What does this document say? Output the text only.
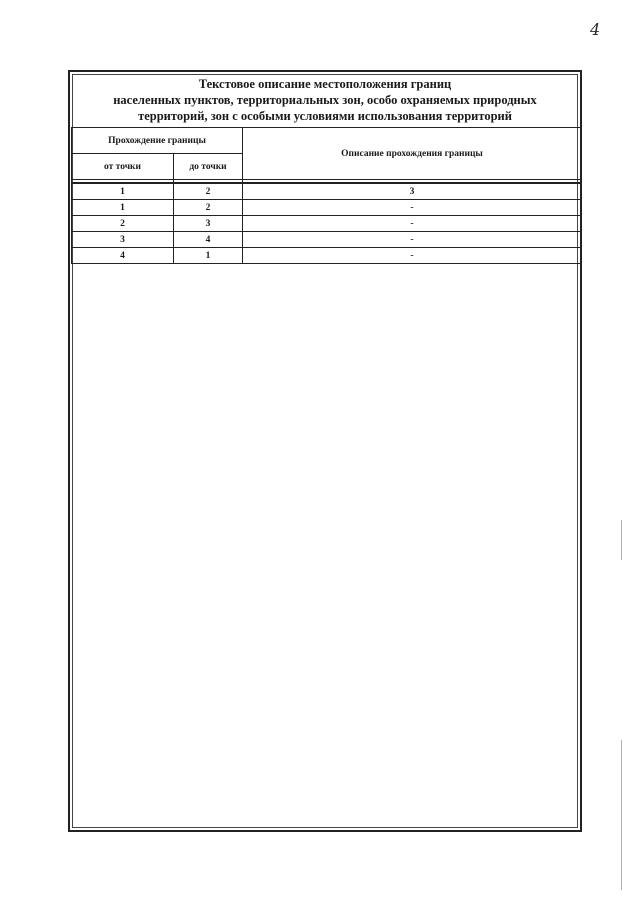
4
Текстовое описание местоположения границ
населенных пунктов, территориальных зон, особо охраняемых природных
территорий, зон с особыми условиями использования территорий
Прохождение границы		Описание прохождения границы
от точки	до точки	

1	2	3
1	2	-
2	3	-
3	4	-
4	1	-
